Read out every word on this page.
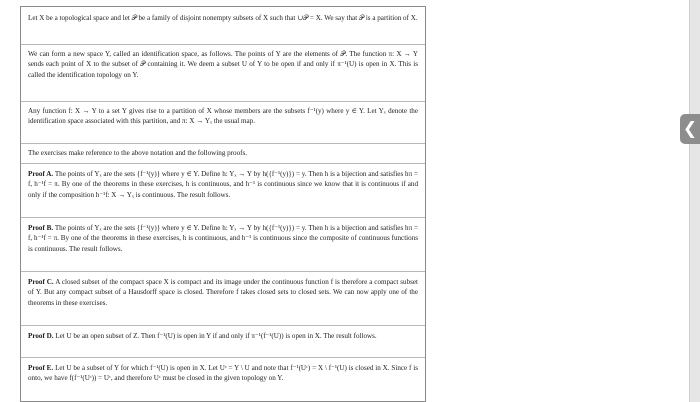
Let X be a topological space and let 𝒫 be a family of disjoint nonempty subsets of X such that ∪𝒫 = X. We say that 𝒫 is a partition of X.

We can form a new space Y, called an identification space, as follows. The points of Y are the elements of 𝒫. The function π: X → Y sends each point of X to the subset of 𝒫 containing it. We deem a subset U of Y to be open if and only if π⁻¹(U) is open in X. This is called the identification topology on Y.

Any function f: X → Y to a set Y gives rise to a partition of X whose members are the subsets f⁻¹(y) where y ∈ Y. Let Yₓ denote the identification space associated with this partition, and π: X → Yₓ the usual map.

The exercises make reference to the above notation and the following proofs.

Proof A. The points of Yₓ are the sets {f⁻¹(y)} where y ∈ Y. Define h: Yₓ → Y by h({f⁻¹(y)}) = y. Then h is a bijection and satisfies hπ = f, h⁻¹f = π. By one of the theorems in these exercises, h is continuous, and h⁻¹ is continuous since we know that it is continuous if and only if the composition h⁻¹f: X → Yₓ is continuous. The result follows.

Proof B. The points of Yₓ are the sets {f⁻¹(y)} where y ∈ Y. Define h: Yₓ → Y by h({f⁻¹(y)}) = y. Then h is a bijection and satisfies hπ = f, h⁻¹f = π. By one of the theorems in these exercises, h is continuous, and h⁻¹ is continuous since the composite of continuous functions is continuous. The result follows.

Proof C. A closed subset of the compact space X is compact and its image under the continuous function f is therefore a compact subset of Y. But any compact subset of a Hausdorff space is closed. Therefore f takes closed sets to closed sets. We can now apply one of the theorems in these exercises.

Proof D. Let U be an open subset of Z. Then f⁻¹(U) is open in Y if and only if π⁻¹(f⁻¹(U)) is open in X. The result follows.

Proof E. Let U be a subset of Y for which f⁻¹(U) is open in X. Let Uᶜ = Y \ U and note that f⁻¹(Uᶜ) = X \ f⁻¹(U) is closed in X. Since f is onto, we have f(f⁻¹(Uᶜ)) = Uᶜ, and therefore Uᶜ must be closed in the given topology on Y.

❮
